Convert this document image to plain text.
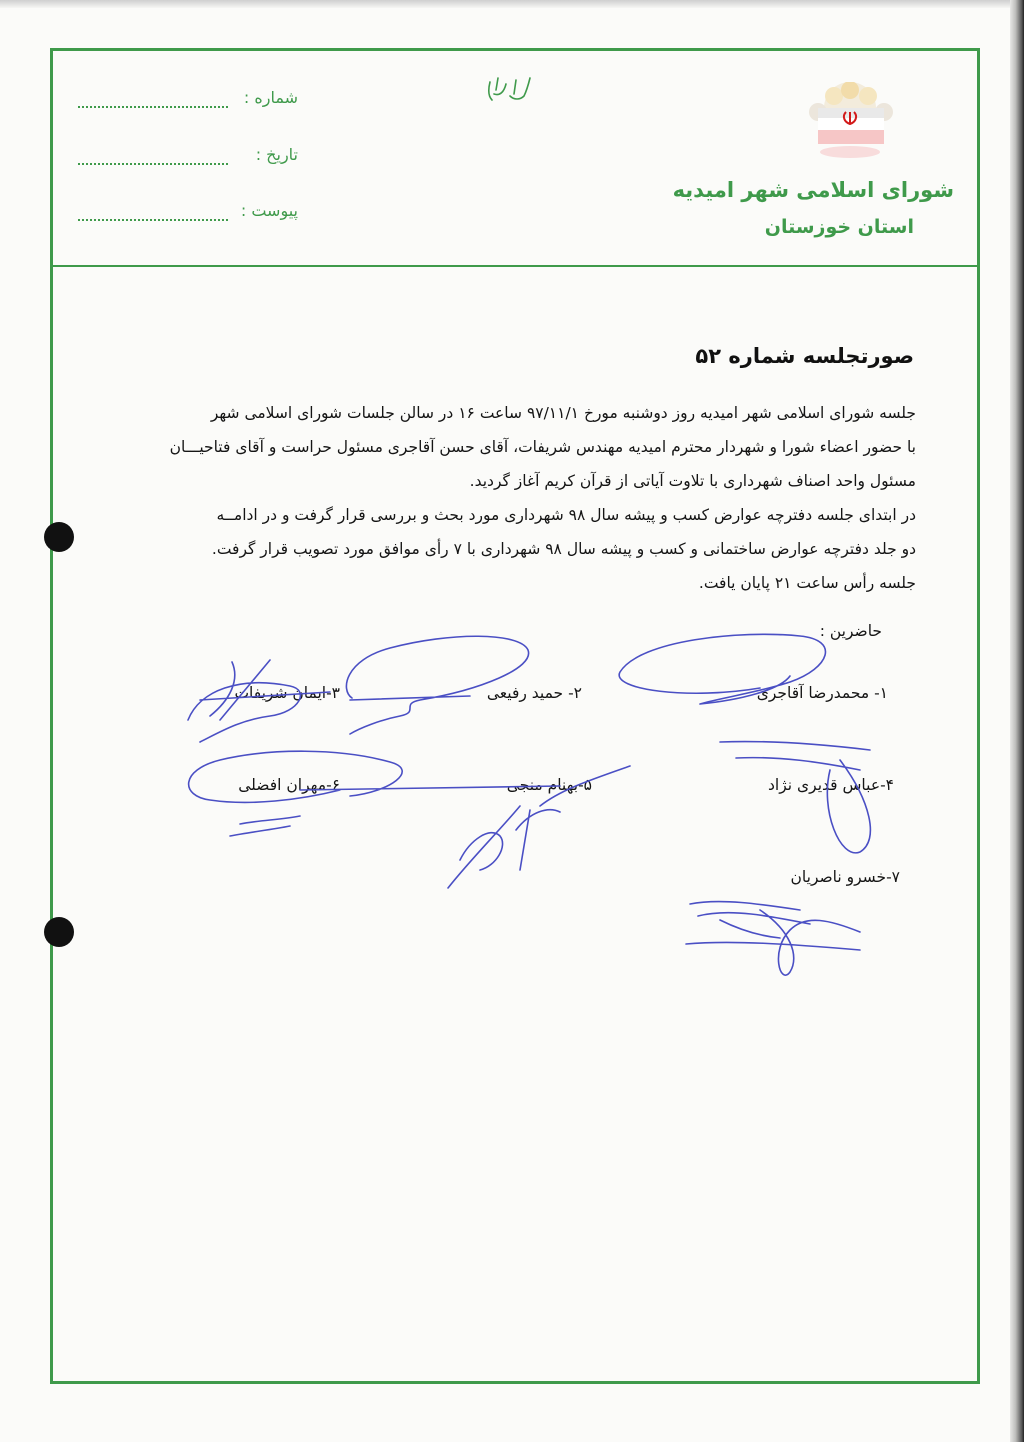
شماره :
تاریخ :
پیوست :
شورای اسلامی شهر امیدیه
استان خوزستان
صورتجلسه شماره ۵۲
جلسه شورای اسلامی شهر امیدیه روز دوشنبه مورخ ۹۷/۱۱/۱ ساعت ۱۶ در سالن جلسات شورای اسلامی شهر
با حضور اعضاء شورا و شهردار محترم امیدیه مهندس شریفات، آقای حسن آقاجری مسئول حراست و آقای فتاحیـــان
مسئول واحد اصناف شهرداری با تلاوت آیاتی از قرآن کریم آغاز گردید.
در ابتدای جلسه دفترچه عوارض کسب و پیشه سال ۹۸ شهرداری مورد بحث و بررسی قرار گرفت و در ادامــه
دو جلد دفترچه عوارض ساختمانی و کسب و پیشه سال ۹۸ شهرداری با ۷ رأی موافق مورد تصویب قرار گرفت.
جلسه رأس ساعت ۲۱ پایان یافت.
حاضرین :
۱- محمدرضا آقاجری
۲- حمید رفیعی
۳-ایمان شریفات
۴-عباس قدیری نژاد
۵-بهنام منجی
۶-مهران افضلی
۷-خسرو ناصریان
